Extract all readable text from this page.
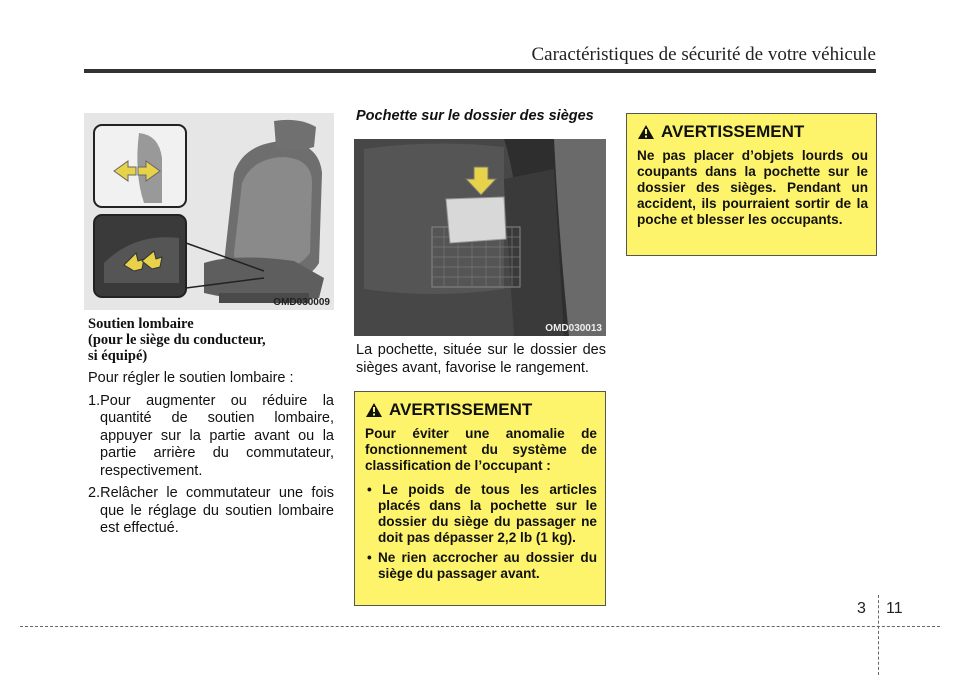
Caractéristiques de sécurité de votre véhicule
OMD030009

Soutien lombaire
(pour le siège du conducteur,
si équipé)

Pour régler le soutien lombaire :

1.Pour augmenter ou réduire la quantité de soutien lombaire, appuyer sur la partie avant ou la partie arrière du commutateur, respectivement.

2.Relâcher le commutateur une fois que le réglage du soutien lombaire est effectué.

Pochette sur le dossier des sièges

OMD030013

La pochette, située sur le dossier des sièges avant, favorise le rangement.

AVERTISSEMENT

Pour éviter une anomalie de fonctionnement du système de classification de l’occupant :

• Le poids de tous les articles placés dans la pochette sur le dossier du siège du passager ne doit pas dépasser 2,2 lb (1 kg).

• Ne rien accrocher au dossier du siège du passager avant.

AVERTISSEMENT

Ne pas placer d’objets lourds ou coupants dans la pochette sur le dossier des sièges. Pendant un accident, ils pourraient sortir de la poche et blesser les occupants.

3 11
